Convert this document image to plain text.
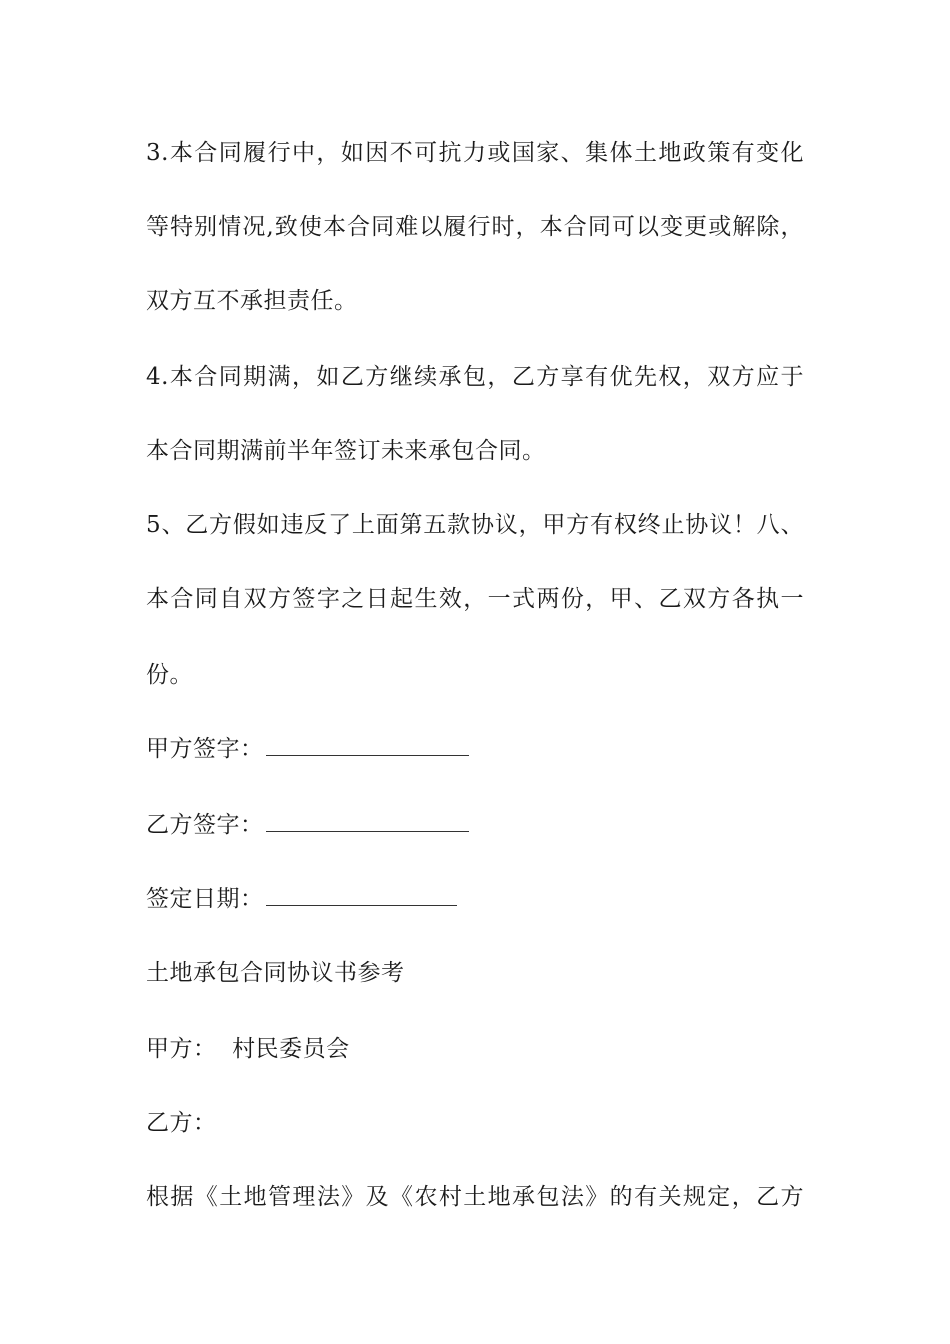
3.本合同履行中，如因不可抗力或国家、集体土地政策有变化
等特别情况,致使本合同难以履行时，本合同可以变更或解除，
双方互不承担责任。
4.本合同期满，如乙方继续承包，乙方享有优先权，双方应于
本合同期满前半年签订未来承包合同。
5、乙方假如违反了上面第五款协议，甲方有权终止协议！八、
本合同自双方签字之日起生效，一式两份，甲、乙双方各执一
份。
甲方签字：
乙方签字：
签定日期：
土地承包合同协议书参考
甲方：  村民委员会
乙方：
根据《土地管理法》及《农村土地承包法》的有关规定，乙方
